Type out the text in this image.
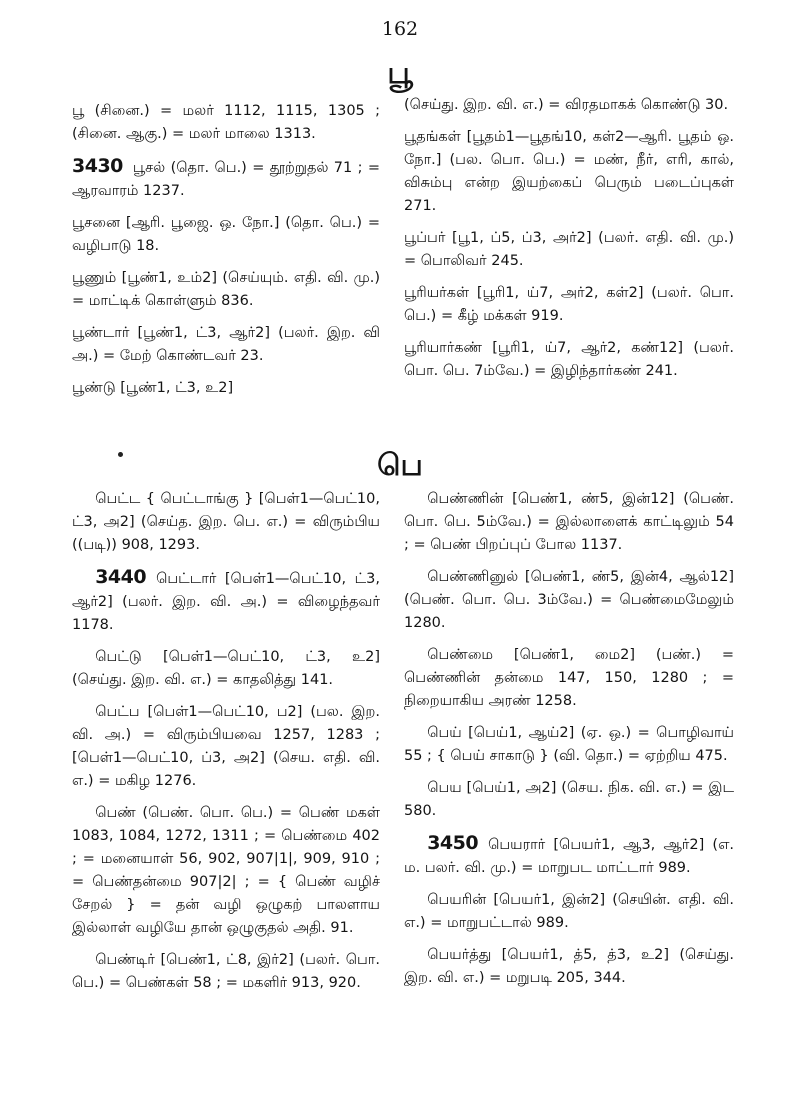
162
பூ

பூ (சினை.) = மலர் 1112, 1115, 1305 ; (சினை. ஆகு.) = மலர் மாலை 1313.

3430 பூசல் (தொ. பெ.) = தூற்றுதல் 71 ; = ஆரவாரம் 1237.

பூசனை [ஆரி. பூஜை. ஒ. நோ.] (தொ. பெ.) = வழிபாடு 18.

பூணும் [பூண்1, உம்2] (செய்யும். எதி. வி. மு.) = மாட்டிக் கொள்ளும் 836.

பூண்டார் [பூண்1, ட்3, ஆர்2] (பலர். இற. வி அ.) = மேற் கொண்டவர் 23.

பூண்டு [பூண்1, ட்3, உ2]

(செய்து. இற. வி. எ.) = விரதமாகக் கொண்டு 30.

பூதங்கள் [பூதம்1—பூதங்10, கள்2—ஆரி. பூதம் ஒ. நோ.] (பல. பொ. பெ.) = மண், நீர், எரி, கால், விசும்பு என்ற இயற்கைப் பெரும் படைப்புகள் 271.

பூப்பர் [பூ1, ப்5, ப்3, அர்2] (பலர். எதி. வி. மு.) = பொலிவர் 245.

பூரியர்கள் [பூரி1, ய்7, அர்2, கள்2] (பலர். பொ. பெ.) = கீழ் மக்கள் 919.

பூரியார்கண் [பூரி1, ய்7, ஆர்2, கண்12] (பலர். பொ. பெ. 7ம்வே.) = இழிந்தார்கண் 241.

பெ

பெட்ட { பெட்டாங்கு } [பெள்1—பெட்10, ட்3, அ2] (செய்த. இற. பெ. எ.) = விரும்பிய ((படி)) 908, 1293.

3440 பெட்டார் [பெள்1—பெட்10, ட்3, ஆர்2] (பலர். இற. வி. அ.) = விழைந்தவர் 1178.

பெட்டு [பெள்1—பெட்10, ட்3, உ2] (செய்து. இற. வி. எ.) = காதலித்து 141.

பெட்ப [பெள்1—பெட்10, ப2] (பல. இற. வி. அ.) = விரும்பியவை 1257, 1283 ; [பெள்1—பெட்10, ப்3, அ2] (செய. எதி. வி. எ.) = மகிழ 1276.

பெண் (பெண். பொ. பெ.) = பெண் மகள் 1083, 1084, 1272, 1311 ; = பெண்மை 402 ; = மனையாள் 56, 902, 907|1|, 909, 910 ; = பெண்தன்மை 907|2| ; = { பெண் வழிச் சேறல் } = தன் வழி ஒழுகற் பாலளாய இல்லாள் வழியே தான் ஒழுகுதல் அதி. 91.

பெண்டிர் [பெண்1, ட்8, இர்2] (பலர். பொ. பெ.) = பெண்கள் 58 ; = மகளிர் 913, 920.

பெண்ணின் [பெண்1, ண்5, இன்12] (பெண். பொ. பெ. 5ம்வே.) = இல்லாளைக் காட்டிலும் 54 ; = பெண் பிறப்புப் போல 1137.

பெண்ணினுல் [பெண்1, ண்5, இன்4, ஆல்12] (பெண். பொ. பெ. 3ம்வே.) = பெண்மைமேலும் 1280.

பெண்மை [பெண்1, மை2] (பண்.) = பெண்ணின் தன்மை 147, 150, 1280 ; = நிறையாகிய அரண் 1258.

பெய் [பெய்1, ஆய்2] (ஏ. ஒ.) = பொழிவாய் 55 ; { பெய் சாகாடு } (வி. தொ.) = ஏற்றிய 475.

பெய [பெய்1, அ2] (செய. நிக. வி. எ.) = இட 580.

3450 பெயரார் [பெயர்1, ஆ3, ஆர்2] (எ. ம. பலர். வி. மு.) = மாறுபட மாட்டார் 989.

பெயரின் [பெயர்1, இன்2] (செயின். எதி. வி. எ.) = மாறுபட்டால் 989.

பெயர்த்து [பெயர்1, த்5, த்3, உ2] (செய்து. இற. வி. எ.) = மறுபடி 205, 344.
